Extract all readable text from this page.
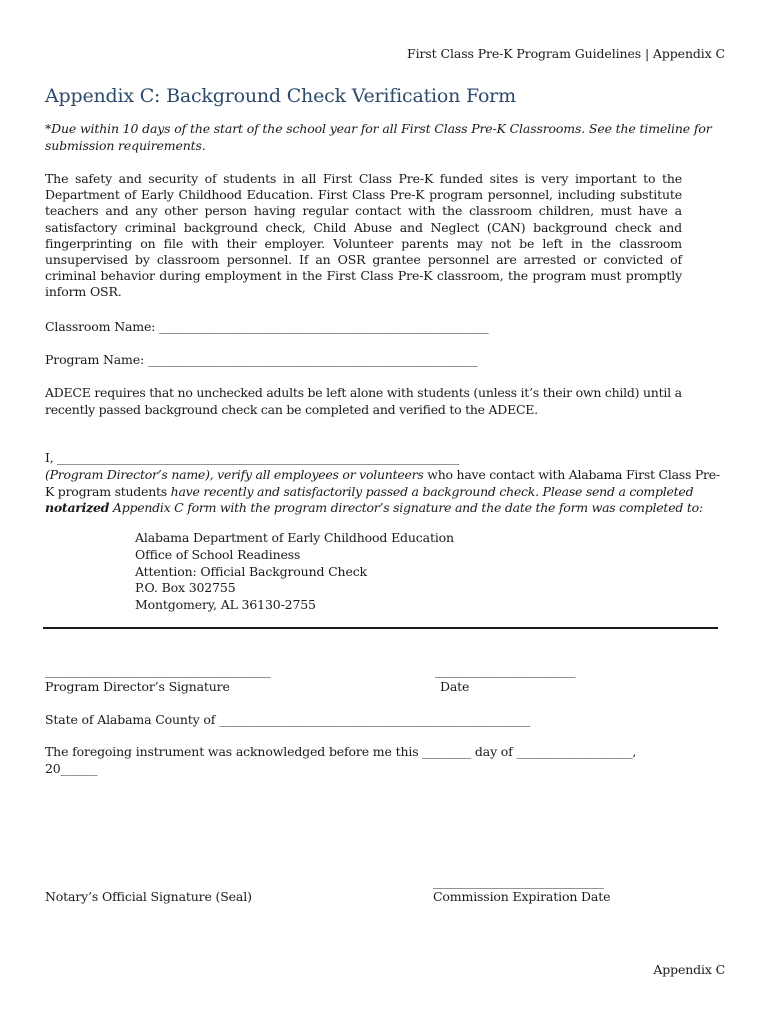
First Class Pre-K Program Guidelines | Appendix C
Appendix C: Background Check Verification Form
*Due within 10 days of the start of the school year for all First Class Pre-K Classrooms. See the timeline for submission requirements.
The safety and security of students in all First Class Pre-K funded sites is very important to the Department of Early Childhood Education. First Class Pre-K program personnel, including substitute teachers and any other person having regular contact with the classroom children, must have a satisfactory criminal background check, Child Abuse and Neglect (CAN) background check and fingerprinting on file with their employer. Volunteer parents may not be left in the classroom unsupervised by classroom personnel. If an OSR grantee personnel are arrested or convicted of criminal behavior during employment in the First Class Pre-K classroom, the program must promptly inform OSR.
Classroom Name: ______________________________________________________
Program Name: ______________________________________________________
ADECE requires that no unchecked adults be left alone with students (unless it’s their own child) until a recently passed background check can be completed and verified to the ADECE.
I, ___________________________________________________________________
(Program Director’s name), verify all employees or volunteers who have contact with Alabama First Class Pre-K program students have recently and satisfactorily passed a background check. Please send a completed notarized Appendix C form with the program director’s signature and the date the form was completed to:
Alabama Department of Early Childhood Education
Office of School Readiness
Attention: Official Background Check
P.O. Box 302755
Montgomery, AL 36130-2755
_____________________________________
Program Director’s Signature
_______________________
Date
State of Alabama County of ___________________________________________________
The foregoing instrument was acknowledged before me this ________ day of ___________________,
20______
____________________________
Notary’s Official Signature (Seal)	Commission Expiration Date
Appendix C
